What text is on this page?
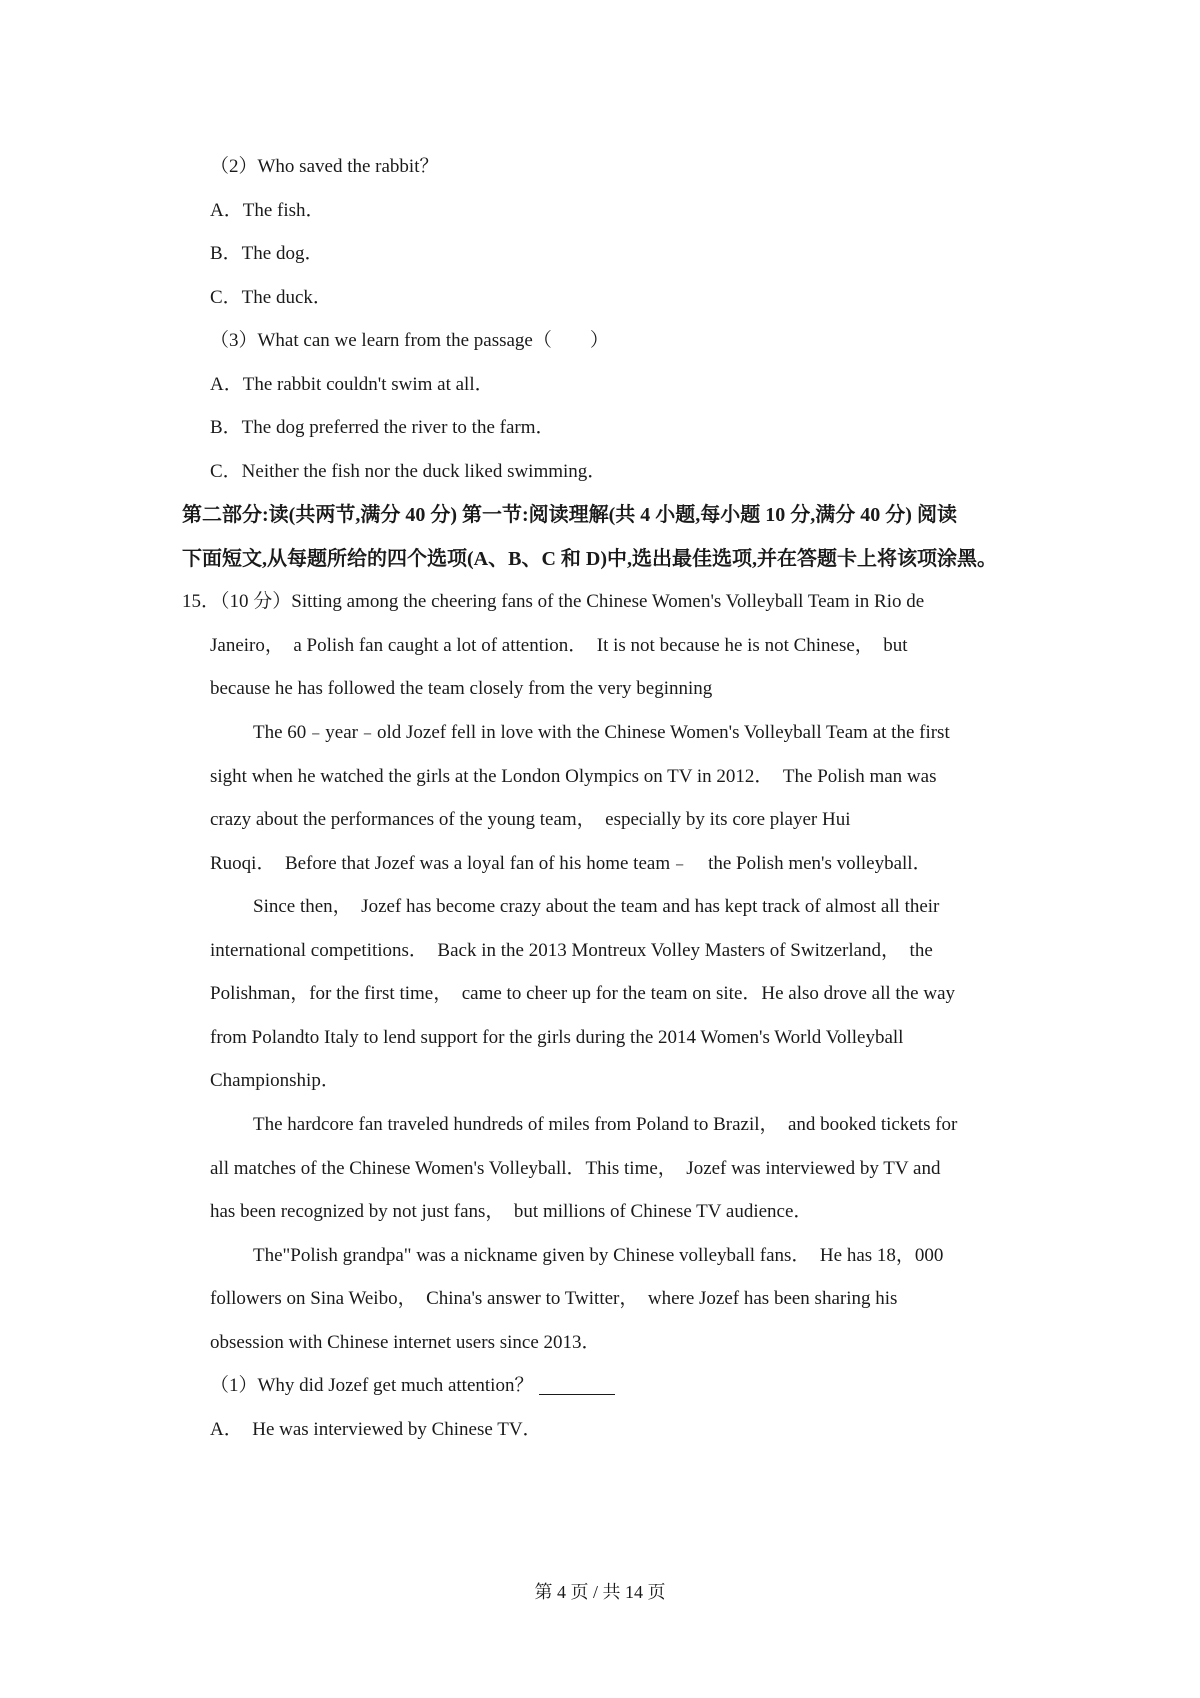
（2）Who saved the rabbit？
A．The fish．
B．The dog．
C．The duck．
（3）What can we learn from the passage（　　）
A．The rabbit couldn't swim at all．
B．The dog preferred the river to the farm．
C．Neither the fish nor the duck liked swimming．
第二部分:读(共两节,满分 40 分) 第一节:阅读理解(共 4 小题,每小题 10 分,满分 40 分) 阅读
下面短文,从每题所给的四个选项(A、B、C 和 D)中,选出最佳选项,并在答题卡上将该项涂黑。
15．（10 分）Sitting among the cheering fans of the Chinese Women's Volleyball Team in Rio de
Janeiro，　a Polish fan caught a lot of attention．　It is not because he is not Chinese，　but
because he has followed the team closely from the very beginning
The 60﹣year﹣old Jozef fell in love with the Chinese Women's Volleyball Team at the first
sight when he watched the girls at the London Olympics on TV in 2012．　The Polish man was
crazy about the performances of the young team，　especially by its core player Hui
Ruoqi．　Before that Jozef was a loyal fan of his home team﹣　the Polish men's volleyball．
Since then，　Jozef has become crazy about the team and has kept track of almost all their
international competitions．　Back in the 2013 Montreux Volley Masters of Switzerland，　the
Polishman，for the first time，　came to cheer up for the team on site．He also drove all the way
from Polandto Italy to lend support for the girls during the 2014 Women's World Volleyball
Championship．
The hardcore fan traveled hundreds of miles from Poland to Brazil，　and booked tickets for
all matches of the Chinese Women's Volleyball．This time，　Jozef was interviewed by TV and
has been recognized by not just fans，　but millions of Chinese TV audience．
The"Polish grandpa" was a nickname given by Chinese volleyball fans．　He has 18，000
followers on Sina Weibo，　China's answer to Twitter，　where Jozef has been sharing his
obsession with Chinese internet users since 2013．
（1）Why did Jozef get much attention？
A．　He was interviewed by Chinese TV．
第 4 页 / 共 14 页
